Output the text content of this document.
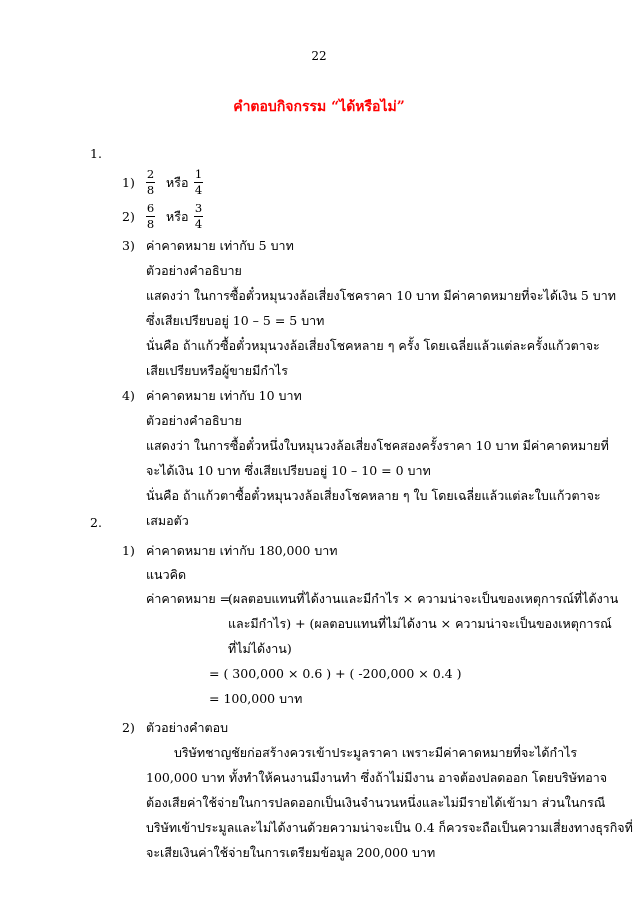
22
คำตอบกิจกรรม “ได้หรือไม่”
1.
1)
2
8 หรือ
1
4
2)
6
8 หรือ
3
4
3) ค่าคาดหมาย เท่ากับ 5 บาท
ตัวอย่างคำอธิบาย
แสดงว่า ในการซื้อตั๋วหมุนวงล้อเสี่ยงโชคราคา 10 บาท มีค่าคาดหมายที่จะได้เงิน 5 บาท
ซึ่งเสียเปรียบอยู่ 10 – 5 = 5 บาท
นั่นคือ ถ้าแก้วซื้อตั๋วหมุนวงล้อเสี่ยงโชคหลาย ๆ ครั้ง โดยเฉลี่ยแล้วแต่ละครั้งแก้วตาจะ
เสียเปรียบหรือผู้ขายมีกำไร
4) ค่าคาดหมาย เท่ากับ 10 บาท
ตัวอย่างคำอธิบาย
แสดงว่า ในการซื้อตั๋วหนึ่งใบหมุนวงล้อเสี่ยงโชคสองครั้งราคา 10 บาท มีค่าคาดหมายที่
จะได้เงิน 10 บาท ซึ่งเสียเปรียบอยู่ 10 – 10 = 0 บาท
นั่นคือ ถ้าแก้วตาซื้อตั๋วหมุนวงล้อเสี่ยงโชคหลาย ๆ ใบ โดยเฉลี่ยแล้วแต่ละใบแก้วตาจะ
เสมอตัว
2.
1) ค่าคาดหมาย เท่ากับ 180,000 บาท
แนวคิด
ค่าคาดหมาย =
(ผลตอบแทนที่ได้งานและมีกำไร × ความน่าจะเป็นของเหตุการณ์ที่ได้งาน
และมีกำไร) + (ผลตอบแทนที่ไม่ได้งาน × ความน่าจะเป็นของเหตุการณ์
ที่ไม่ได้งาน)
= ( 300,000 × 0.6 ) + ( -200,000 × 0.4 )
= 100,000 บาท
2) ตัวอย่างคำตอบ
บริษัทชาญชัยก่อสร้างควรเข้าประมูลราคา เพราะมีค่าคาดหมายที่จะได้กำไร
100,000 บาท ทั้งทำให้คนงานมีงานทำ ซึ่งถ้าไม่มีงาน อาจต้องปลดออก โดยบริษัทอาจ
ต้องเสียค่าใช้จ่ายในการปลดออกเป็นเงินจำนวนหนึ่งและไม่มีรายได้เข้ามา ส่วนในกรณี
บริษัทเข้าประมูลและไม่ได้งานด้วยความน่าจะเป็น 0.4 ก็ควรจะถือเป็นความเสี่ยงทางธุรกิจที่
จะเสียเงินค่าใช้จ่ายในการเตรียมข้อมูล 200,000 บาท
